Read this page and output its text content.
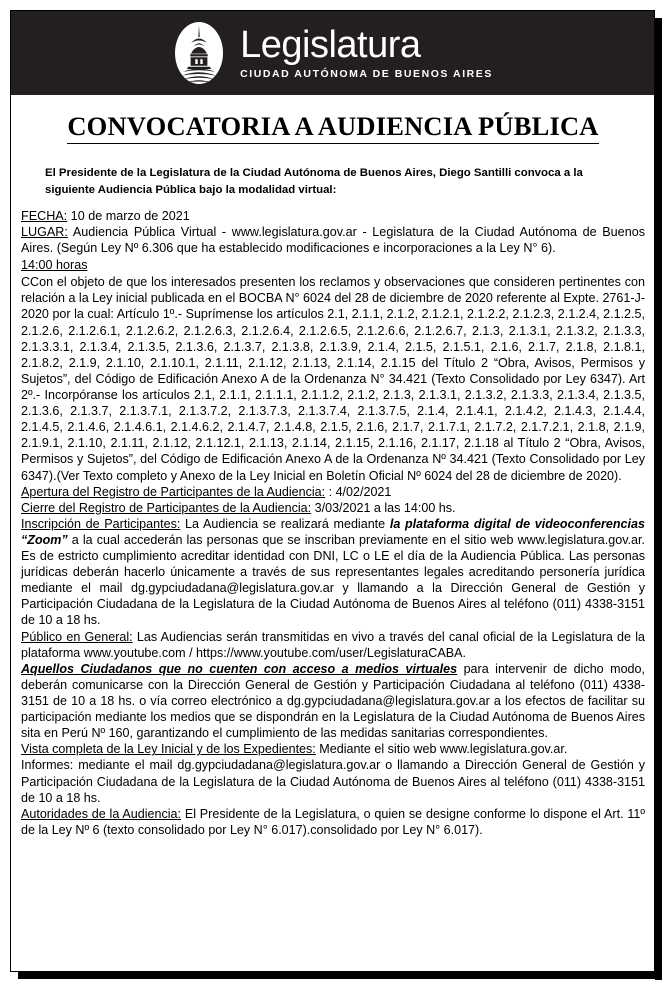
Legislatura
CIUDAD AUTÓNOMA DE BUENOS AIRES
CONVOCATORIA A AUDIENCIA PÚBLICA

El Presidente de la Legislatura de la Ciudad Autónoma de Buenos Aires, Diego Santilli convoca a la siguiente Audiencia Pública bajo la modalidad virtual:

FECHA: 10 de marzo de 2021
LUGAR: Audiencia Pública Virtual - www.legislatura.gov.ar - Legislatura de la Ciudad Autónoma de Buenos Aires. (Según Ley Nº 6.306 que ha establecido modificaciones e incorporaciones a la Ley N° 6).
14:00 horas

CCon el objeto de que los interesados presenten los reclamos y observaciones que consideren pertinentes con relación a la Ley inicial publicada en el BOCBA N° 6024 del 28 de diciembre de 2020 referente al Expte. 2761-J-2020 por la cual: Artículo 1º.- Suprímense los artículos 2.1, 2.1.1, 2.1.2, 2.1.2.1, 2.1.2.2, 2.1.2.3, 2.1.2.4, 2.1.2.5, 2.1.2.6, 2.1.2.6.1, 2.1.2.6.2, 2.1.2.6.3, 2.1.2.6.4, 2.1.2.6.5, 2.1.2.6.6, 2.1.2.6.7, 2.1.3, 2.1.3.1, 2.1.3.2, 2.1.3.3, 2.1.3.3.1, 2.1.3.4, 2.1.3.5, 2.1.3.6, 2.1.3.7, 2.1.3.8, 2.1.3.9, 2.1.4, 2.1.5, 2.1.5.1, 2.1.6, 2.1.7, 2.1.8, 2.1.8.1, 2.1.8.2, 2.1.9, 2.1.10, 2.1.10.1, 2.1.11, 2.1.12, 2.1.13, 2.1.14, 2.1.15 del Título 2 “Obra, Avisos, Permisos y Sujetos”, del Código de Edificación Anexo A de la Ordenanza N° 34.421 (Texto Consolidado por Ley 6347). Art 2º.- Incorpóranse los artículos 2.1, 2.1.1, 2.1.1.1, 2.1.1.2, 2.1.2, 2.1.3, 2.1.3.1, 2.1.3.2, 2.1.3.3, 2.1.3.4, 2.1.3.5, 2.1.3.6, 2.1.3.7, 2.1.3.7.1, 2.1.3.7.2, 2.1.3.7.3, 2.1.3.7.4, 2.1.3.7.5, 2.1.4, 2.1.4.1, 2.1.4.2, 2.1.4.3, 2.1.4.4, 2.1.4.5, 2.1.4.6, 2.1.4.6.1, 2.1.4.6.2, 2.1.4.7, 2.1.4.8, 2.1.5, 2.1.6, 2.1.7, 2.1.7.1, 2.1.7.2, 2.1.7.2.1, 2.1.8, 2.1.9, 2.1.9.1, 2.1.10, 2.1.11, 2.1.12, 2.1.12.1, 2.1.13, 2.1.14, 2.1.15, 2.1.16, 2.1.17, 2.1.18 al Título 2 “Obra, Avisos, Permisos y Sujetos”, del Código de Edificación Anexo A de la Ordenanza Nº 34.421 (Texto Consolidado por Ley 6347).(Ver Texto completo y Anexo de la Ley Inicial en Boletín Oficial Nº 6024 del 28 de diciembre de 2020).

Apertura del Registro de Participantes de la Audiencia: : 4/02/2021

Cierre del Registro de Participantes de la Audiencia: 3/03/2021 a las 14:00 hs.

Inscripción de Participantes: La Audiencia se realizará mediante la plataforma digital de videoconferencias “Zoom” a la cual accederán las personas que se inscriban previamente en el sitio web www.legislatura.gov.ar. Es de estricto cumplimiento acreditar identidad con DNI, LC o LE el día de la Audiencia Pública. Las personas jurídicas deberán hacerlo únicamente a través de sus representantes legales acreditando personería jurídica mediante el mail dg.gypciudadana@legislatura.gov.ar y llamando a la Dirección General de Gestión y Participación Ciudadana de la Legislatura de la Ciudad Autónoma de Buenos Aires al teléfono (011) 4338-3151 de 10 a 18 hs.

Público en General: Las Audiencias serán transmitidas en vivo a través del canal oficial de la Legislatura de la plataforma www.youtube.com / https://www.youtube.com/user/LegislaturaCABA.

Aquellos Ciudadanos que no cuenten con acceso a medios virtuales para intervenir de dicho modo, deberán comunicarse con la Dirección General de Gestión y Participación Ciudadana al teléfono (011) 4338-3151 de 10 a 18 hs. o vía correo electrónico a dg.gypciudadana@legislatura.gov.ar a los efectos de facilitar su participación mediante los medios que se dispondrán en la Legislatura de la Ciudad Autónoma de Buenos Aires sita en Perú Nº 160, garantizando el cumplimiento de las medidas sanitarias correspondientes.

Vista completa de la Ley Inicial y de los Expedientes: Mediante el sitio web www.legislatura.gov.ar.

Informes: mediante el mail dg.gypciudadana@legislatura.gov.ar o llamando a Dirección General de Gestión y Participación Ciudadana de la Legislatura de la Ciudad Autónoma de Buenos Aires al teléfono (011) 4338-3151 de 10 a 18 hs.

Autoridades de la Audiencia: El Presidente de la Legislatura, o quien se designe conforme lo dispone el Art. 11º de la Ley Nº 6 (texto consolidado por Ley N° 6.017).consolidado por Ley N° 6.017).
